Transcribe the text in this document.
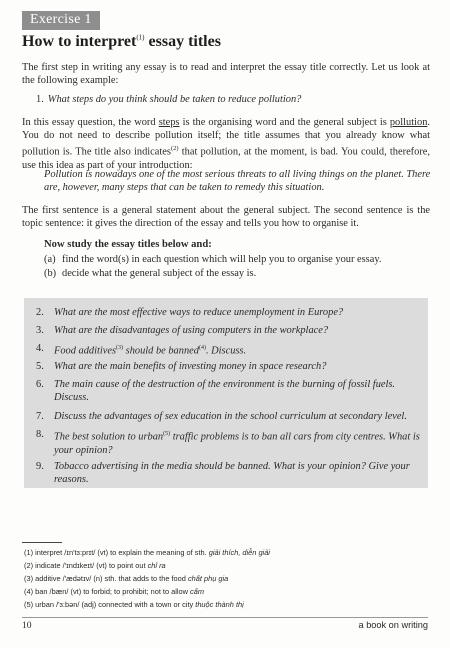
Exercise 1
How to interpret$^{(1)}$ essay titles
The first step in writing any essay is to read and interpret the essay title correctly. Let us look at the following example:
1. What steps do you think should be taken to reduce pollution?
In this essay question, the word steps is the organising word and the general subject is pollution. You do not need to describe pollution itself; the title assumes that you already know what pollution is. The title also indicates$^{(2)}$ that pollution, at the moment, is bad. You could, therefore, use this idea as part of your introduction:
Pollution is nowadays one of the most serious threats to all living things on the planet. There are, however, many steps that can be taken to remedy this situation.
The first sentence is a general statement about the general subject. The second sentence is the topic sentence: it gives the direction of the essay and tells you how to organise it.
Now study the essay titles below and:
(a) find the word(s) in each question which will help you to organise your essay.
(b) decide what the general subject of the essay is.
2. What are the most effective ways to reduce unemployment in Europe?
3. What are the disadvantages of using computers in the workplace?
4. Food additives$^{(3)}$ should be banned$^{(4)}$. Discuss.
5. What are the main benefits of investing money in space research?
6. The main cause of the destruction of the environment is the burning of fossil fuels. Discuss.
7. Discuss the advantages of sex education in the school curriculum at secondary level.
8. The best solution to urban$^{(5)}$ traffic problems is to ban all cars from city centres. What is your opinion?
9. Tobacco advertising in the media should be banned. What is your opinion? Give your reasons.
(1) interpret /ɪn'tɜ:prɪt/ (vt) to explain the meaning of sth. giải thích, diễn giải
(2) indicate /'ɪndɪkeɪt/ (vt) to point out chỉ ra
(3) additive /'ædətɪv/ (n) sth. that adds to the food chất phụ gia
(4) ban /bæn/ (vt) to forbid; to prohibit; not to allow cấm
(5) urban /'ɜ:bən/ (adj) connected with a town or city thuộc thành thị
10	a book on writing
